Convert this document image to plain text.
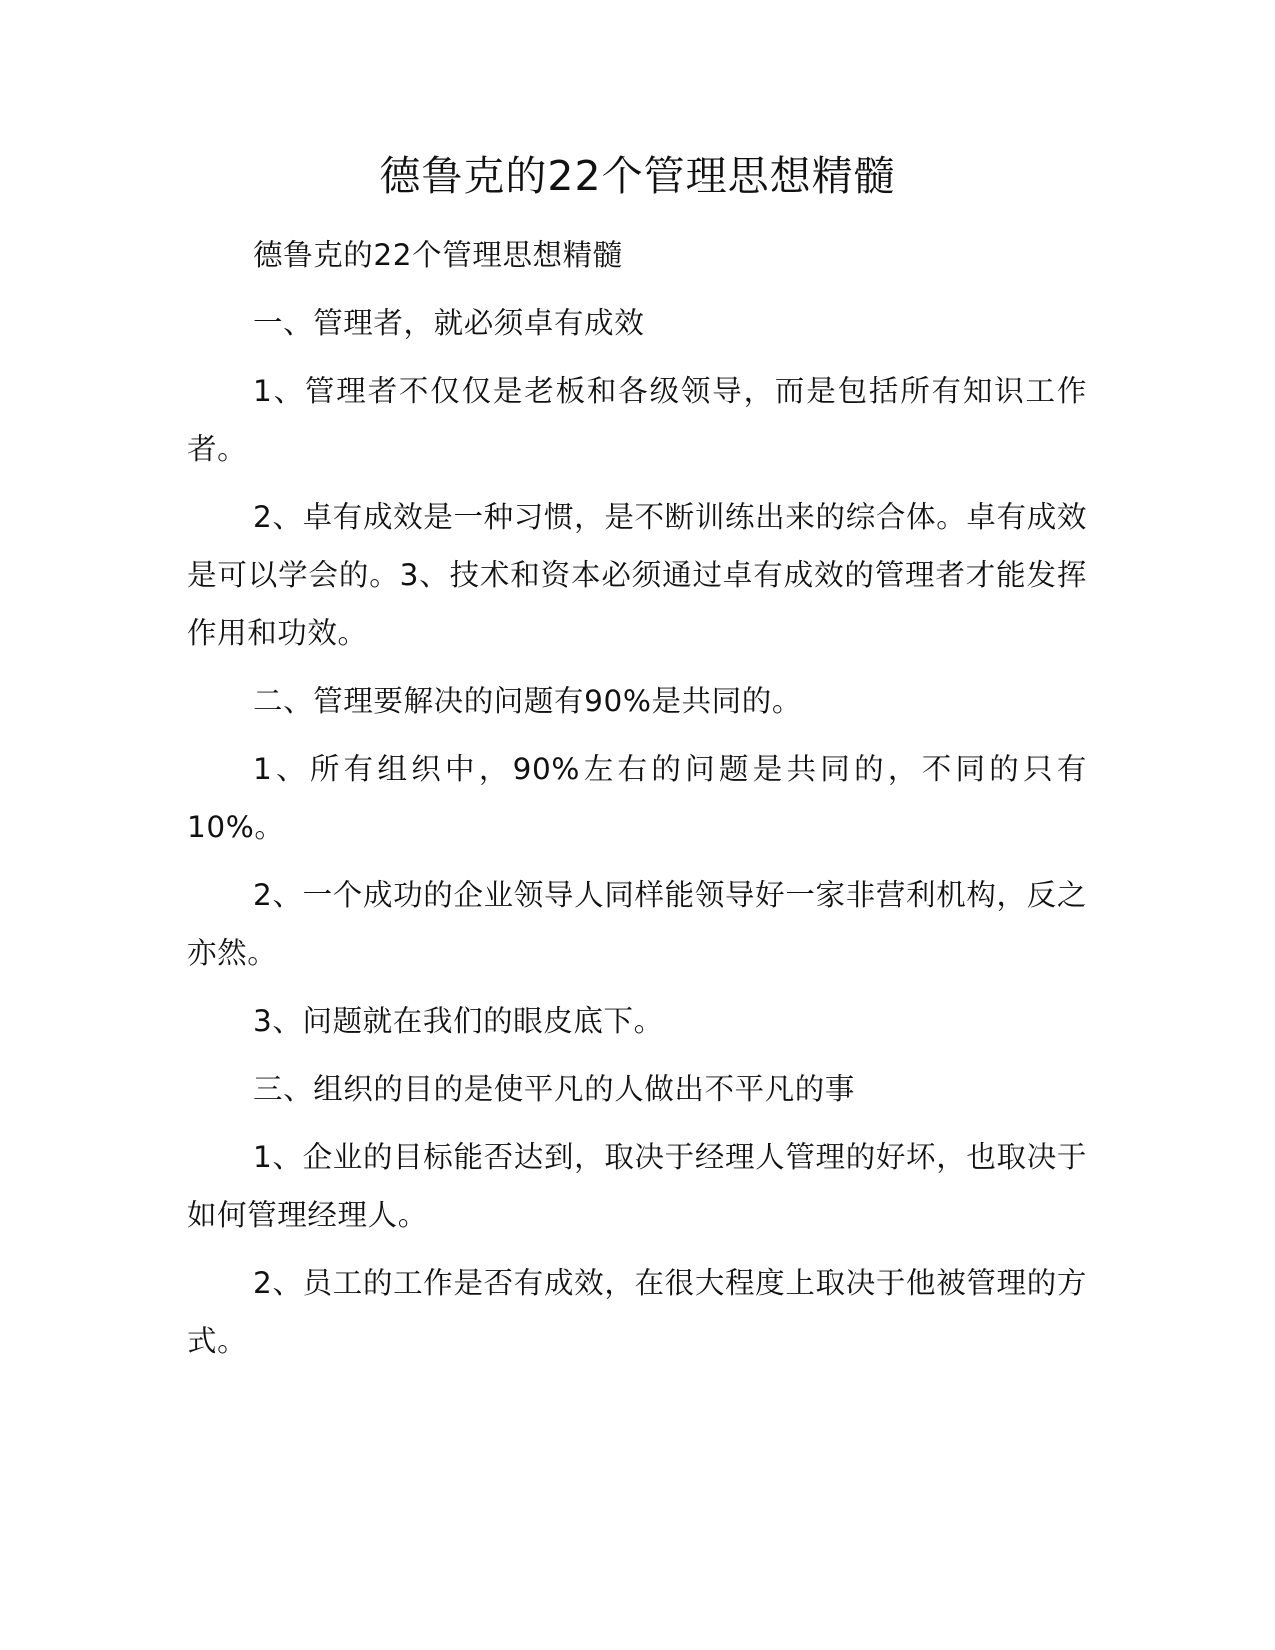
德鲁克的22个管理思想精髓

德鲁克的22个管理思想精髓

一、管理者，就必须卓有成效

1、管理者不仅仅是老板和各级领导，而是包括所有知识工作者。

2、卓有成效是一种习惯，是不断训练出来的综合体。卓有成效是可以学会的。3、技术和资本必须通过卓有成效的管理者才能发挥作用和功效。

二、管理要解决的问题有90%是共同的。

1、所有组织中，90%左右的问题是共同的，不同的只有10%。

2、一个成功的企业领导人同样能领导好一家非营利机构，反之亦然。

3、问题就在我们的眼皮底下。

三、组织的目的是使平凡的人做出不平凡的事

1、企业的目标能否达到，取决于经理人管理的好坏，也取决于如何管理经理人。

2、员工的工作是否有成效，在很大程度上取决于他被管理的方式。
